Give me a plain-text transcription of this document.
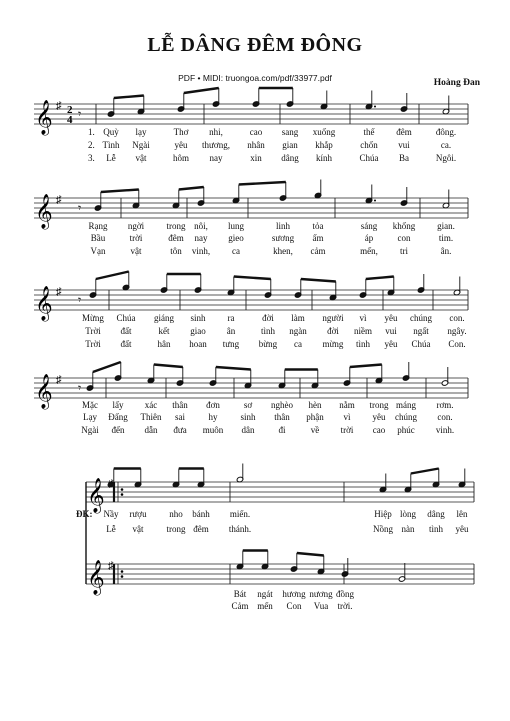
LỄ DÂNG ĐÊM ĐÔNG
PDF • MIDI: truongoa.com/pdf/33977.pdf	Hoàng Đan
𝄞 ♯ 2
4 𝄾
𝄞 ♯
𝄾
𝄞 ♯
𝄾
𝄞 ♯
𝄾
𝄞
𝄞 ♯
Quỳ lạy	Thơ nhi,	cao sang xuống	thế đêm	đông.
Tình Ngài	yêu thương, nhân gian khắp	chốn vui	ca.
Lễ vật	hôm nay	xin dâng kính	Chúa Ba	Ngôi.
1.
2.
3.
Rạng ngời trong nôi, lung	linh tỏa	sáng khống gian.
Bầu	trời	đêm nay gieo	sương ấm	áp	con	tim.
Vạn	vật	tôn vinh, ca	khen, cảm	mến, tri	ân.
Mừng Chúa giáng sinh ra	đời làm người vì yêu chúng con.
Trời đất	kết giao ân	tình ngàn đời niềm vui ngất ngây.
Trời đất	hân hoan tưng bừng ca mừng tình yêu Chúa Con.
Mặc lấy xác thân đơn	sơ nghèo hèn nằm trong máng rơm.
Lạy Đấng Thiên sai	hy	sinh thân phận vì yêu chúng con.
Ngài đến dẫn đưa muôn dân	đi	về trời cao phúc vinh.
Nầy rượu	nho bánh miến.	Hiệp lòng dâng lên
Lễ vật	trong đêm thánh.	Nồng nàn tình yêu
ĐK:
Bát ngát hương nương đồng
Cảm mến Con Vua trời.
